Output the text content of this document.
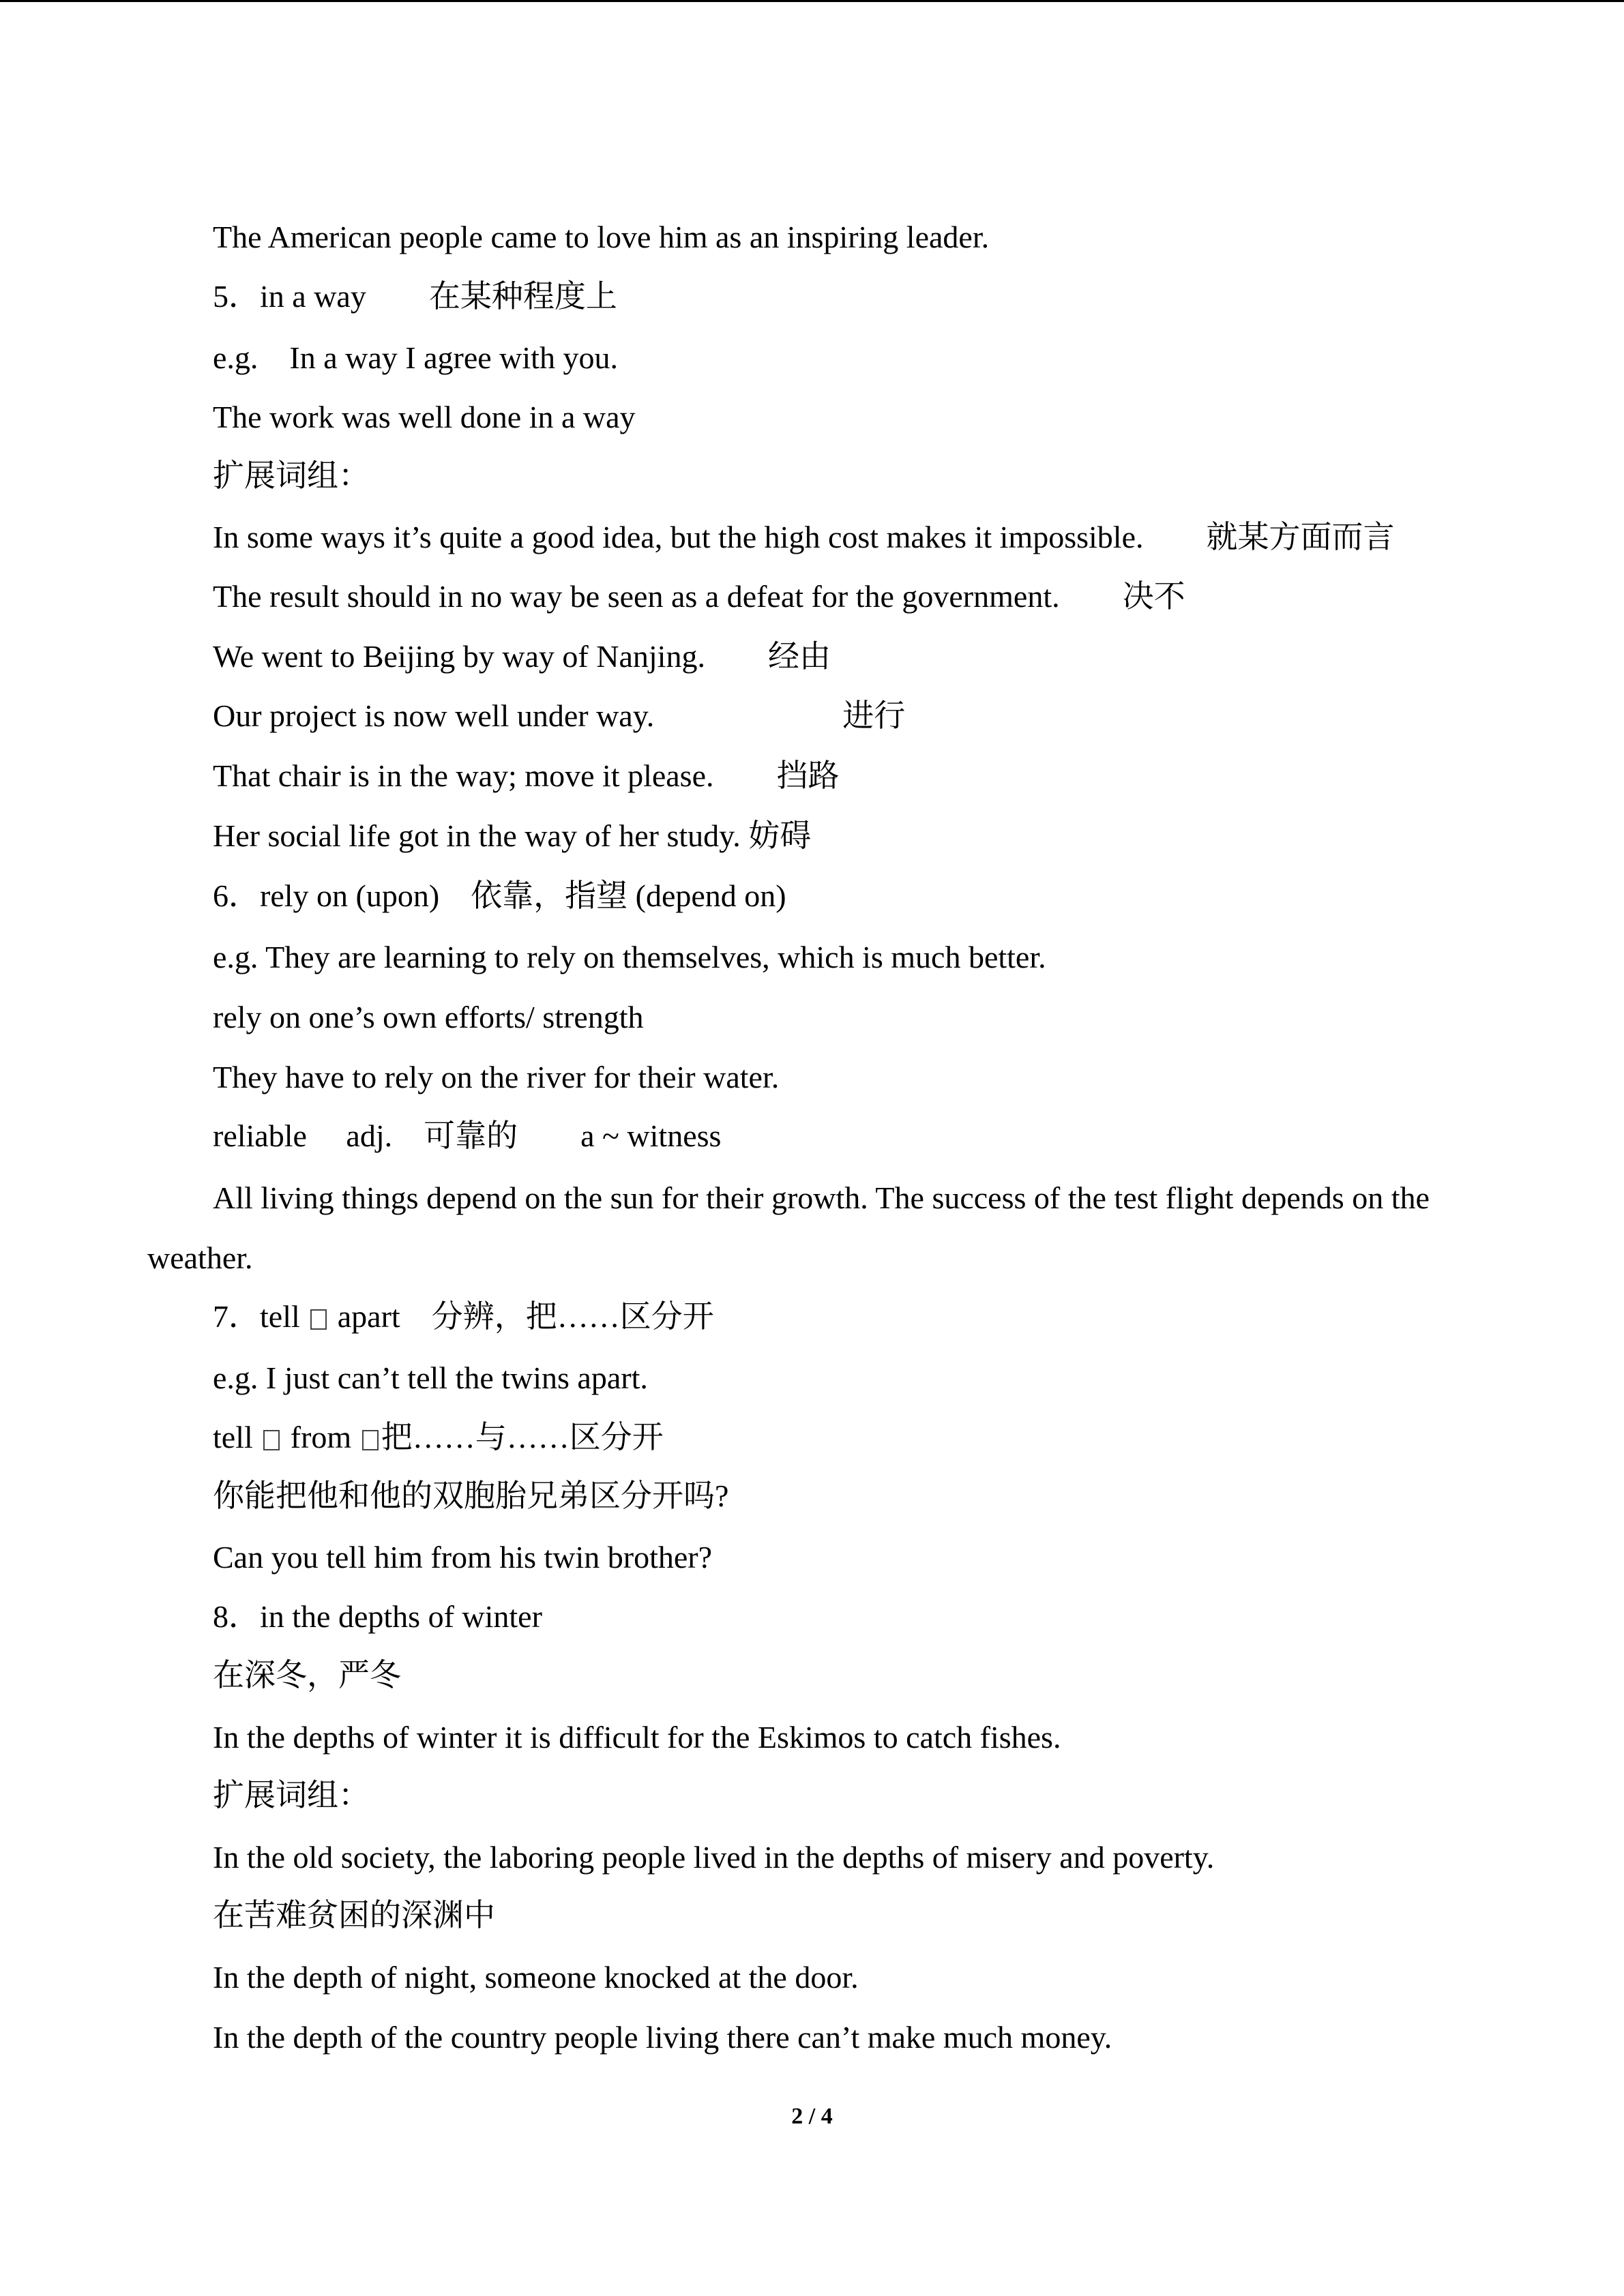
The American people came to love him as an inspiring leader.
5．in a way　　在某种程度上
e.g.　In a way I agree with you.
The work was well done in a way
扩展词组：
In some ways it’s quite a good idea, but the high cost makes it impossible.　　就某方面而言
The result should in no way be seen as a defeat for the government.　　决不
We went to Beijing by way of Nanjing.　　经由
Our project is now well under way.　　　　　　进行
That chair is in the way; move it please.　　挡路
Her social life got in the way of her study. 妨碍
6．rely on (upon)　依靠，指望 (depend on)
e.g. They are learning to rely on themselves, which is much better.
rely on one’s own efforts/ strength
They have to rely on the river for their water.
reliable　 adj.　可靠的　　a ~ witness
All living things depend on the sun for their growth. The success of the test flight depends on the
weather.
7．tell apart　分辨，把……区分开
e.g. I just can’t tell the twins apart.
tell from 把……与……区分开
你能把他和他的双胞胎兄弟区分开吗?
Can you tell him from his twin brother?
8．in the depths of winter
在深冬，严冬
In the depths of winter it is difficult for the Eskimos to catch fishes.
扩展词组：
In the old society, the laboring people lived in the depths of misery and poverty.
在苦难贫困的深渊中
In the depth of night, someone knocked at the door.
In the depth of the country people living there can’t make much money.
2 / 4
